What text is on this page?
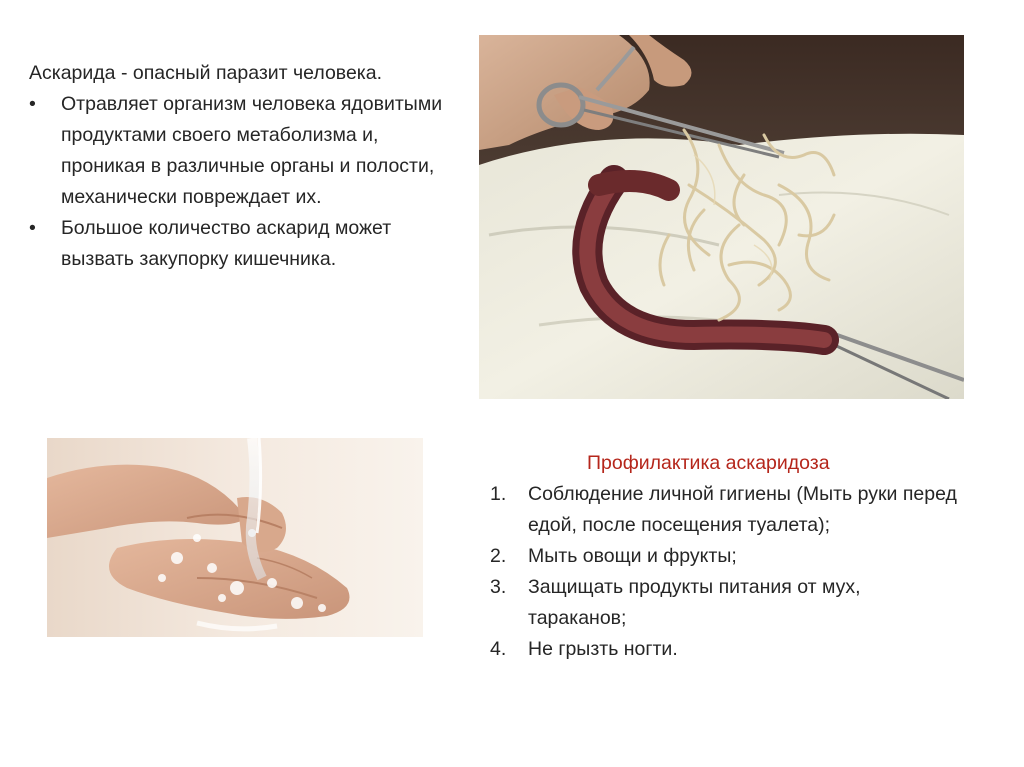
Аскарида - опасный паразит человека.

•	Отравляет организм человека ядовитыми продуктами своего метаболизма и, проникая в различные органы и полости, механически повреждает их.
•	Большое количество аскарид может вызвать закупорку кишечника.

Профилактика аскаридоза

1. Соблюдение личной гигиены (Мыть руки перед едой, после посещения туалета);
2. Мыть овощи и фрукты;
3. Защищать продукты питания от мух, тараканов;
4. Не грызть ногти.
